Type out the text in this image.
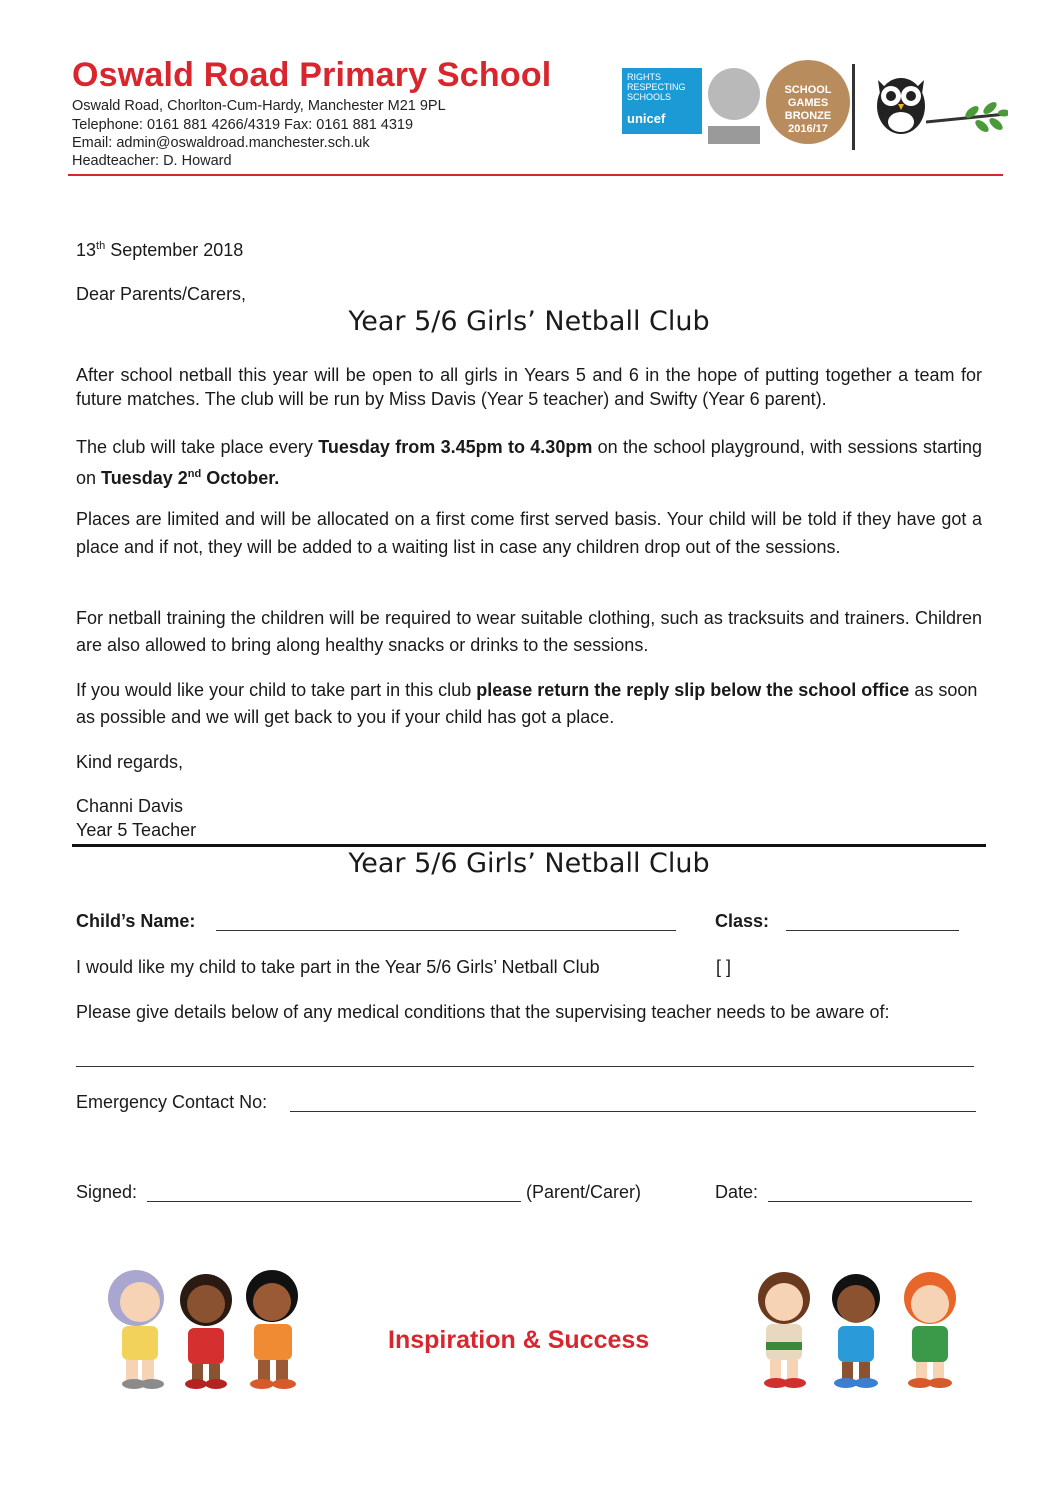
Oswald Road Primary School
Oswald Road, Chorlton-Cum-Hardy, Manchester M21 9PL
Telephone: 0161 881 4266/4319 Fax: 0161 881 4319
Email: admin@oswaldroad.manchester.sch.uk
Headteacher: D. Howard
RIGHTS RESPECTING SCHOOLS
unicef
SCHOOL GAMES BRONZE 2016/17
13th September 2018
Dear Parents/Carers,
Year 5/6 Girls’ Netball Club
After school netball this year will be open to all girls in Years 5 and 6 in the hope of putting together a team for future matches. The club will be run by Miss Davis (Year 5 teacher) and Swifty (Year 6 parent).
The club will take place every Tuesday from 3.45pm to 4.30pm on the school playground, with sessions starting on Tuesday 2nd October.
Places are limited and will be allocated on a first come first served basis. Your child will be told if they have got a place and if not, they will be added to a waiting list in case any children drop out of the sessions.
For netball training the children will be required to wear suitable clothing, such as tracksuits and trainers. Children are also allowed to bring along healthy snacks or drinks to the sessions.
If you would like your child to take part in this club please return the reply slip below the school office as soon as possible and we will get back to you if your child has got a place.
Kind regards,
Channi Davis
Year 5 Teacher
Year 5/6 Girls’ Netball Club
Child’s Name:	Class:
I would like my child to take part in the Year 5/6 Girls’ Netball Club	[ ]
Please give details below of any medical conditions that the supervising teacher needs to be aware of:
Emergency Contact No:
Signed:	(Parent/Carer)	Date:
Inspiration & Success
